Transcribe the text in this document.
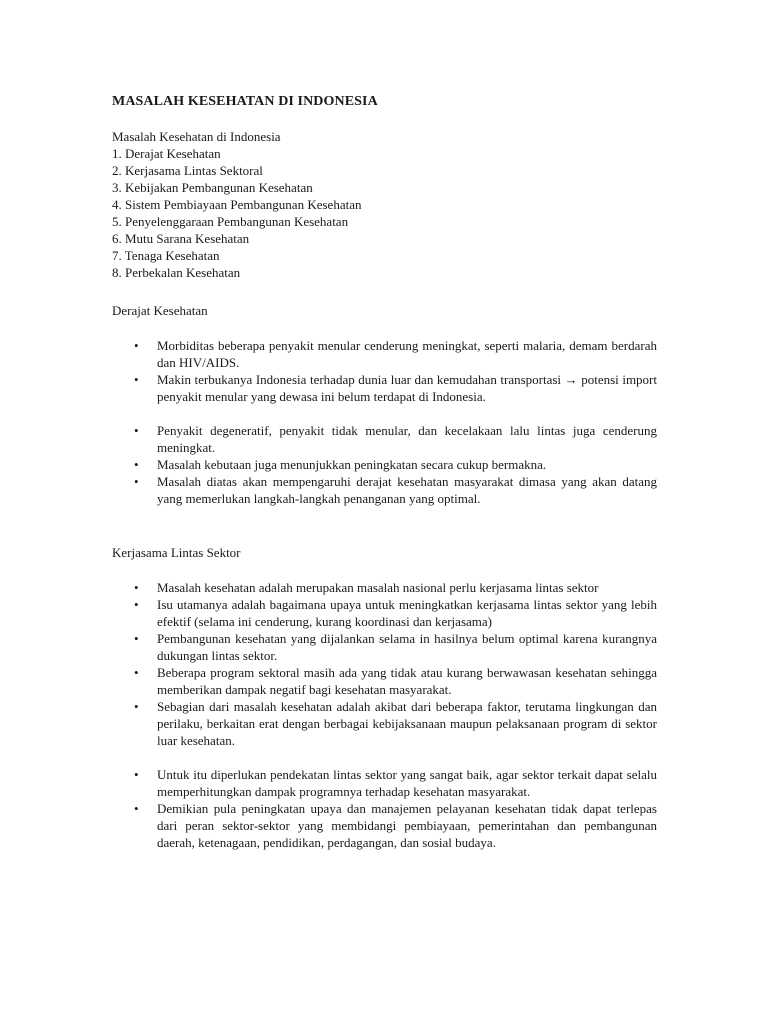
MASALAH KESEHATAN DI INDONESIA
Masalah Kesehatan di Indonesia
1. Derajat Kesehatan
2. Kerjasama Lintas Sektoral
3. Kebijakan Pembangunan Kesehatan
4. Sistem Pembiayaan Pembangunan Kesehatan
5. Penyelenggaraan Pembangunan Kesehatan
6. Mutu Sarana Kesehatan
7. Tenaga Kesehatan
8. Perbekalan Kesehatan
Derajat Kesehatan
• Morbiditas beberapa penyakit menular cenderung meningkat, seperti malaria, demam berdarah dan HIV/AIDS.
• Makin terbukanya Indonesia terhadap dunia luar dan kemudahan transportasi → potensi import penyakit menular yang dewasa ini belum terdapat di Indonesia.
• Penyakit degeneratif, penyakit tidak menular, dan kecelakaan lalu lintas juga cenderung meningkat.
• Masalah kebutaan juga menunjukkan peningkatan secara cukup bermakna.
• Masalah diatas akan mempengaruhi derajat kesehatan masyarakat dimasa yang akan datang yang memerlukan langkah-langkah penanganan yang optimal.
Kerjasama Lintas Sektor
• Masalah kesehatan adalah merupakan masalah nasional perlu kerjasama lintas sektor
• Isu utamanya adalah bagaimana upaya untuk meningkatkan kerjasama lintas sektor yang lebih efektif (selama ini cenderung, kurang koordinasi dan kerjasama)
• Pembangunan kesehatan yang dijalankan selama in hasilnya belum optimal karena kurangnya dukungan lintas sektor.
• Beberapa program sektoral masih ada yang tidak atau kurang berwawasan kesehatan sehingga memberikan dampak negatif bagi kesehatan masyarakat.
• Sebagian dari masalah kesehatan adalah akibat dari beberapa faktor, terutama lingkungan dan perilaku, berkaitan erat dengan berbagai kebijaksanaan maupun pelaksanaan program di sektor luar kesehatan.
• Untuk itu diperlukan pendekatan lintas sektor yang sangat baik, agar sektor terkait dapat selalu memperhitungkan dampak programnya terhadap kesehatan masyarakat.
• Demikian pula peningkatan upaya dan manajemen pelayanan kesehatan tidak dapat terlepas dari peran sektor-sektor yang membidangi pembiayaan, pemerintahan dan pembangunan daerah, ketenagaan, pendidikan, perdagangan, dan sosial budaya.
